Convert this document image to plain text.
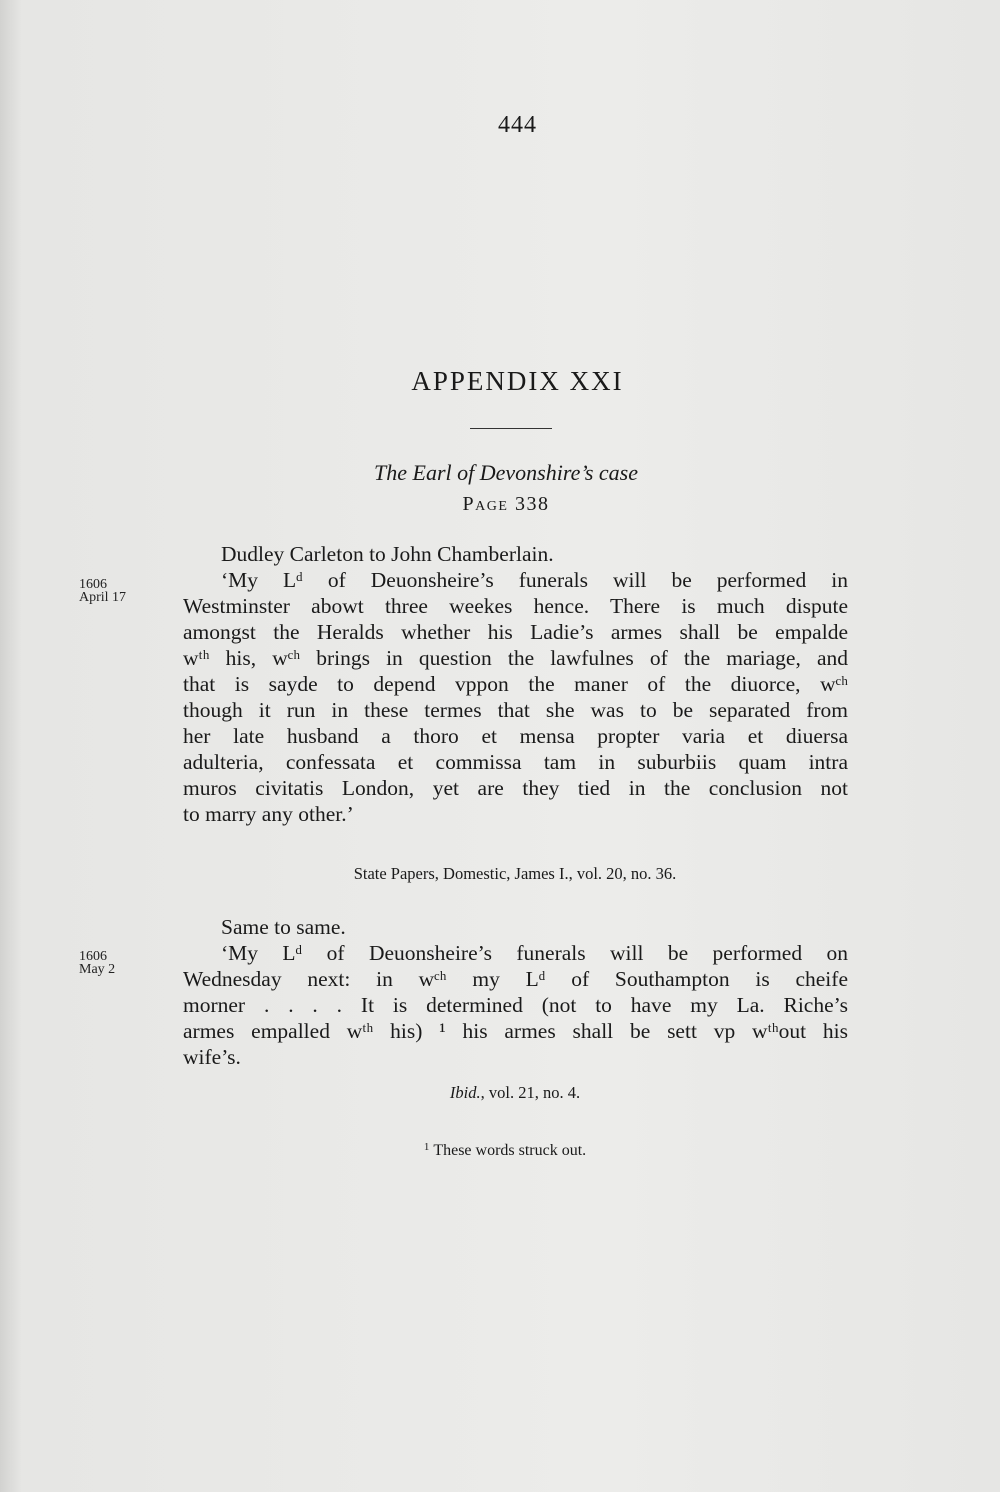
444
APPENDIX XXI
The Earl of Devonshire’s case
Page 338
1606
April 17
Dudley Carleton to John Chamberlain.
‘My Lᵈ of Deuonsheire’s funerals will be performed in
Westminster abowt three weekes hence. There is much dispute
amongst the Heralds whether his Ladie’s armes shall be empalde
wᵗʰ his, wᶜʰ brings in question the lawfulnes of the mariage, and
that is sayde to depend vppon the maner of the diuorce, wᶜʰ
though it run in these termes that she was to be separated from
her late husband a thoro et mensa propter varia et diuersa
adulteria, confessata et commissa tam in suburbiis quam intra
muros civitatis London, yet are they tied in the conclusion not
to marry any other.’
State Papers, Domestic, James I., vol. 20, no. 36.
1606
May 2
Same to same.
‘My Lᵈ of Deuonsheire’s funerals will be performed on
Wednesday next: in wᶜʰ my Lᵈ of Southampton is cheife
morner . . . . It is determined (not to have my La. Riche’s
armes empalled wᵗʰ his) ¹ his armes shall be sett vp wᵗʰout his
wife’s.
Ibid., vol. 21, no. 4.
$^1$ These words struck out.
